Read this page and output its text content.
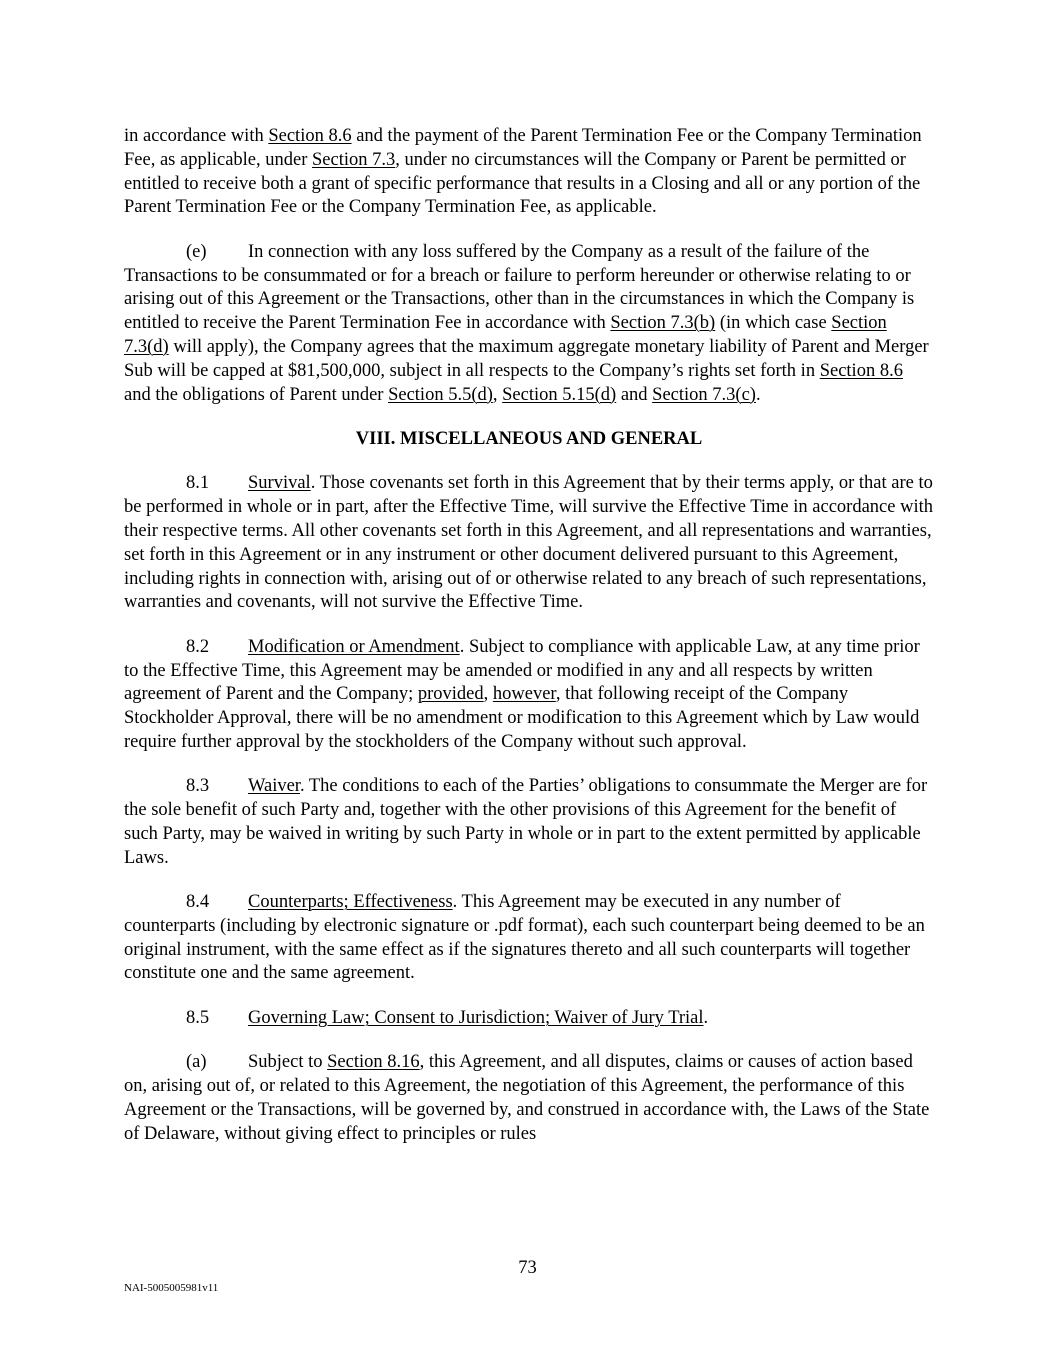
in accordance with Section 8.6 and the payment of the Parent Termination Fee or the Company Termination Fee, as applicable, under Section 7.3, under no circumstances will the Company or Parent be permitted or entitled to receive both a grant of specific performance that results in a Closing and all or any portion of the Parent Termination Fee or the Company Termination Fee, as applicable.

(e) In connection with any loss suffered by the Company as a result of the failure of the Transactions to be consummated or for a breach or failure to perform hereunder or otherwise relating to or arising out of this Agreement or the Transactions, other than in the circumstances in which the Company is entitled to receive the Parent Termination Fee in accordance with Section 7.3(b) (in which case Section 7.3(d) will apply), the Company agrees that the maximum aggregate monetary liability of Parent and Merger Sub will be capped at $81,500,000, subject in all respects to the Company’s rights set forth in Section 8.6 and the obligations of Parent under Section 5.5(d), Section 5.15(d) and Section 7.3(c).

VIII. MISCELLANEOUS AND GENERAL

8.1 Survival. Those covenants set forth in this Agreement that by their terms apply, or that are to be performed in whole or in part, after the Effective Time, will survive the Effective Time in accordance with their respective terms. All other covenants set forth in this Agreement, and all representations and warranties, set forth in this Agreement or in any instrument or other document delivered pursuant to this Agreement, including rights in connection with, arising out of or otherwise related to any breach of such representations, warranties and covenants, will not survive the Effective Time.

8.2 Modification or Amendment. Subject to compliance with applicable Law, at any time prior to the Effective Time, this Agreement may be amended or modified in any and all respects by written agreement of Parent and the Company; provided, however, that following receipt of the Company Stockholder Approval, there will be no amendment or modification to this Agreement which by Law would require further approval by the stockholders of the Company without such approval.

8.3 Waiver. The conditions to each of the Parties’ obligations to consummate the Merger are for the sole benefit of such Party and, together with the other provisions of this Agreement for the benefit of such Party, may be waived in writing by such Party in whole or in part to the extent permitted by applicable Laws.

8.4 Counterparts; Effectiveness. This Agreement may be executed in any number of counterparts (including by electronic signature or .pdf format), each such counterpart being deemed to be an original instrument, with the same effect as if the signatures thereto and all such counterparts will together constitute one and the same agreement.

8.5 Governing Law; Consent to Jurisdiction; Waiver of Jury Trial.

(a) Subject to Section 8.16, this Agreement, and all disputes, claims or causes of action based on, arising out of, or related to this Agreement, the negotiation of this Agreement, the performance of this Agreement or the Transactions, will be governed by, and construed in accordance with, the Laws of the State of Delaware, without giving effect to principles or rules

73
NAI-5005005981v11
